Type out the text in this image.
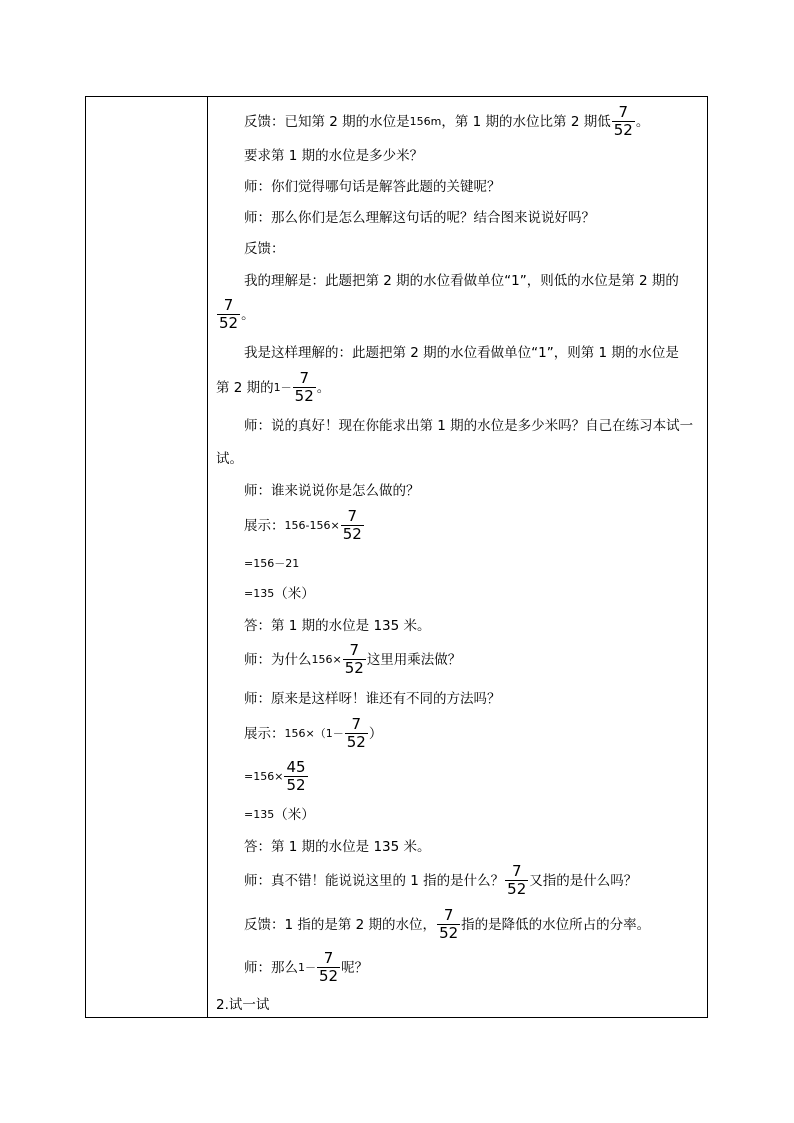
反馈：已知第 2 期的水位是 156m ，第 1 期的水位比第 2 期低 $\frac{7}{52}$ 。
要求第 1 期的水位是多少米？
师：你们觉得哪句话是解答此题的关键呢？
师：那么你们是怎么理解这句话的呢？结合图来说说好吗？
反馈：
我的理解是：此题把第 2 期的水位看做单位“1”，则低的水位是第 2 期的
$\frac{7}{52}$ 。
我是这样理解的：此题把第 2 期的水位看做单位“1”，则第 1 期的水位是
第 2 期的 $1- \frac{7}{52}$ 。
师：说的真好！现在你能求出第 1 期的水位是多少米吗？自己在练习本试一
试。
师：谁来说说你是怎么做的？
展示： $156-156\times \frac{7}{52}$
=156－21
=135 （米）
答：第 1 期的水位是 135 米。
师：为什么 $156\times \frac{7}{52}$ 这里用乘法做？
师：原来是这样呀！谁还有不同的方法吗？
展示： $156\times(1- \frac{7}{52}$ ）
$=156\times \frac{45}{52}$
=135 （米）
答：第 1 期的水位是 135 米。
师：真不错！能说说这里的 1 指的是什么？ $\frac{7}{52}$ 又指的是什么吗？
反馈：1 指的是第 2 期的水位， $\frac{7}{52}$ 指的是降低的水位所占的分率。
师：那么 $1- \frac{7}{52}$ 呢？
2.试一试
